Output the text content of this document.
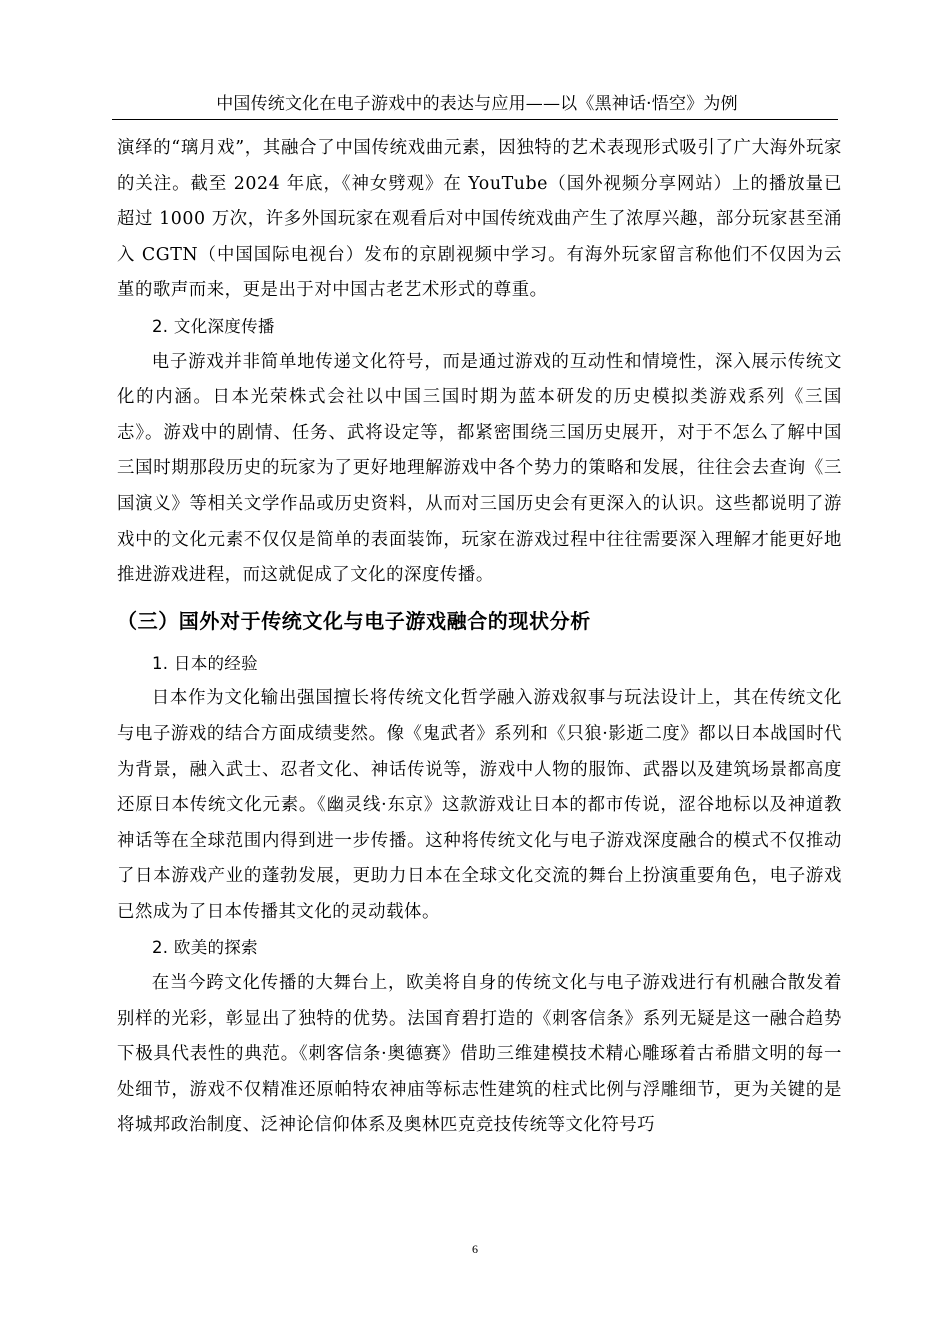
中国传统文化在电子游戏中的表达与应用——以《黑神话·悟空》为例

演绎的“璃月戏”，其融合了中国传统戏曲元素，因独特的艺术表现形式吸引了广大海外玩家的关注。截至 2024 年底，《神女劈观》在 YouTube（国外视频分享网站）上的播放量已超过 1000 万次，许多外国玩家在观看后对中国传统戏曲产生了浓厚兴趣，部分玩家甚至涌入 CGTN（中国国际电视台）发布的京剧视频中学习。有海外玩家留言称他们不仅因为云堇的歌声而来，更是出于对中国古老艺术形式的尊重。

2. 文化深度传播

电子游戏并非简单地传递文化符号，而是通过游戏的互动性和情境性，深入展示传统文化的内涵。日本光荣株式会社以中国三国时期为蓝本研发的历史模拟类游戏系列《三国志》。游戏中的剧情、任务、武将设定等，都紧密围绕三国历史展开，对于不怎么了解中国三国时期那段历史的玩家为了更好地理解游戏中各个势力的策略和发展，往往会去查询《三国演义》等相关文学作品或历史资料，从而对三国历史会有更深入的认识。这些都说明了游戏中的文化元素不仅仅是简单的表面装饰，玩家在游戏过程中往往需要深入理解才能更好地推进游戏进程，而这就促成了文化的深度传播。

（三）国外对于传统文化与电子游戏融合的现状分析

1. 日本的经验

日本作为文化输出强国擅长将传统文化哲学融入游戏叙事与玩法设计上，其在传统文化与电子游戏的结合方面成绩斐然。像《鬼武者》系列和《只狼·影逝二度》都以日本战国时代为背景，融入武士、忍者文化、神话传说等，游戏中人物的服饰、武器以及建筑场景都高度还原日本传统文化元素。《幽灵线·东京》这款游戏让日本的都市传说，涩谷地标以及神道教神话等在全球范围内得到进一步传播。这种将传统文化与电子游戏深度融合的模式不仅推动了日本游戏产业的蓬勃发展，更助力日本在全球文化交流的舞台上扮演重要角色，电子游戏已然成为了日本传播其文化的灵动载体。

2. 欧美的探索

在当今跨文化传播的大舞台上，欧美将自身的传统文化与电子游戏进行有机融合散发着别样的光彩，彰显出了独特的优势。法国育碧打造的《刺客信条》系列无疑是这一融合趋势下极具代表性的典范。《刺客信条·奥德赛》借助三维建模技术精心雕琢着古希腊文明的每一处细节，游戏不仅精准还原帕特农神庙等标志性建筑的柱式比例与浮雕细节，更为关键的是将城邦政治制度、泛神论信仰体系及奥林匹克竞技传统等文化符号巧

6
